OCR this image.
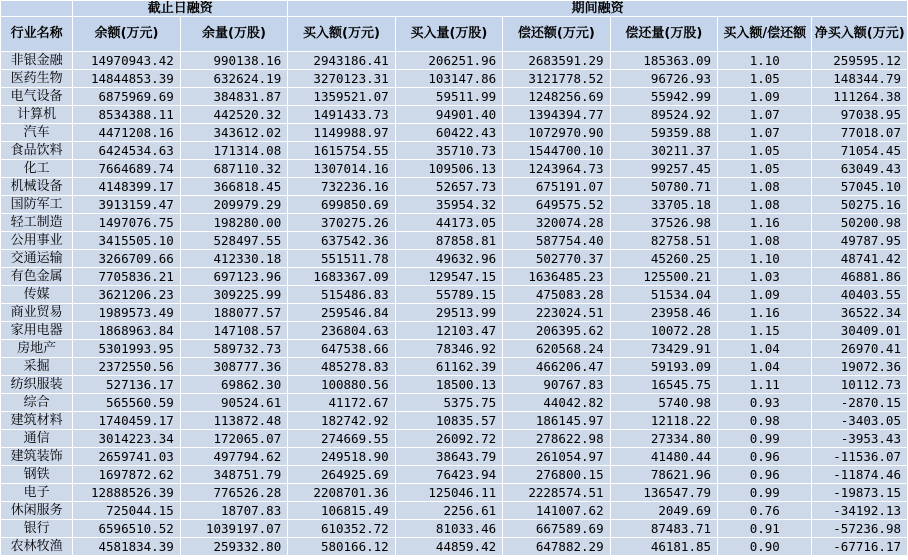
	截止日融资		期间融资					
行业名称	余额(万元)	余量(万股)	买入额(万元)	买入量(万股)	偿还额(万元)	偿还量(万股)	买入额/偿还额	净买入额(万元)
非银金融	14970943.42	990138.16	2943186.41	206251.96	2683591.29	185363.09	1.10	259595.12
医药生物	14844853.39	632624.19	3270123.31	103147.86	3121778.52	96726.93	1.05	148344.79
电气设备	6875969.69	384831.87	1359521.07	59511.99	1248256.69	55942.99	1.09	111264.38
计算机	8534388.11	442520.32	1491433.73	94901.40	1394394.77	89524.92	1.07	97038.95
汽车	4471208.16	343612.02	1149988.97	60422.43	1072970.90	59359.88	1.07	77018.07
食品饮料	6424534.63	171314.08	1615754.55	35710.73	1544700.10	30211.37	1.05	71054.45
化工	7664689.74	687110.32	1307014.16	109506.13	1243964.73	99257.45	1.05	63049.43
机械设备	4148399.17	366818.45	732236.16	52657.73	675191.07	50780.71	1.08	57045.10
国防军工	3913159.47	209979.29	699850.69	35954.32	649575.52	33705.18	1.08	50275.16
轻工制造	1497076.75	198280.00	370275.26	44173.05	320074.28	37526.98	1.16	50200.98
公用事业	3415505.10	528497.55	637542.36	87858.81	587754.40	82758.51	1.08	49787.95
交通运输	3266709.66	412330.18	551511.78	49632.96	502770.37	45260.25	1.10	48741.42
有色金属	7705836.21	697123.96	1683367.09	129547.15	1636485.23	125500.21	1.03	46881.86
传媒	3621206.23	309225.99	515486.83	55789.15	475083.28	51534.04	1.09	40403.55
商业贸易	1989573.49	188077.57	259546.84	29513.99	223024.51	23958.46	1.16	36522.34
家用电器	1868963.84	147108.57	236804.63	12103.47	206395.62	10072.28	1.15	30409.01
房地产	5301993.95	589732.73	647538.66	78346.92	620568.24	73429.91	1.04	26970.41
采掘	2372550.56	308777.36	485278.83	61162.39	466206.47	59193.09	1.04	19072.36
纺织服装	527136.17	69862.30	100880.56	18500.13	90767.83	16545.75	1.11	10112.73
综合	565560.59	90524.61	41172.67	5375.75	44042.82	5740.98	0.93	-2870.15
建筑材料	1740459.17	113872.48	182742.92	10835.57	186145.97	12118.22	0.98	-3403.05
通信	3014223.34	172065.07	274669.55	26092.72	278622.98	27334.80	0.99	-3953.43
建筑装饰	2659741.03	497794.62	249518.90	38643.79	261054.97	41480.44	0.96	-11536.07
钢铁	1697872.62	348751.79	264925.69	76423.94	276800.15	78621.96	0.96	-11874.46
电子	12888526.39	776526.28	2208701.36	125046.11	2228574.51	136547.79	0.99	-19873.15
休闲服务	725044.15	18707.83	106815.49	2256.61	141007.62	2049.69	0.76	-34192.13
银行	6596510.52	1039197.07	610352.72	81033.46	667589.69	87483.71	0.91	-57236.98
农林牧渔	4581834.39	259332.80	580166.12	44859.42	647882.29	46181.85	0.90	-67716.17
